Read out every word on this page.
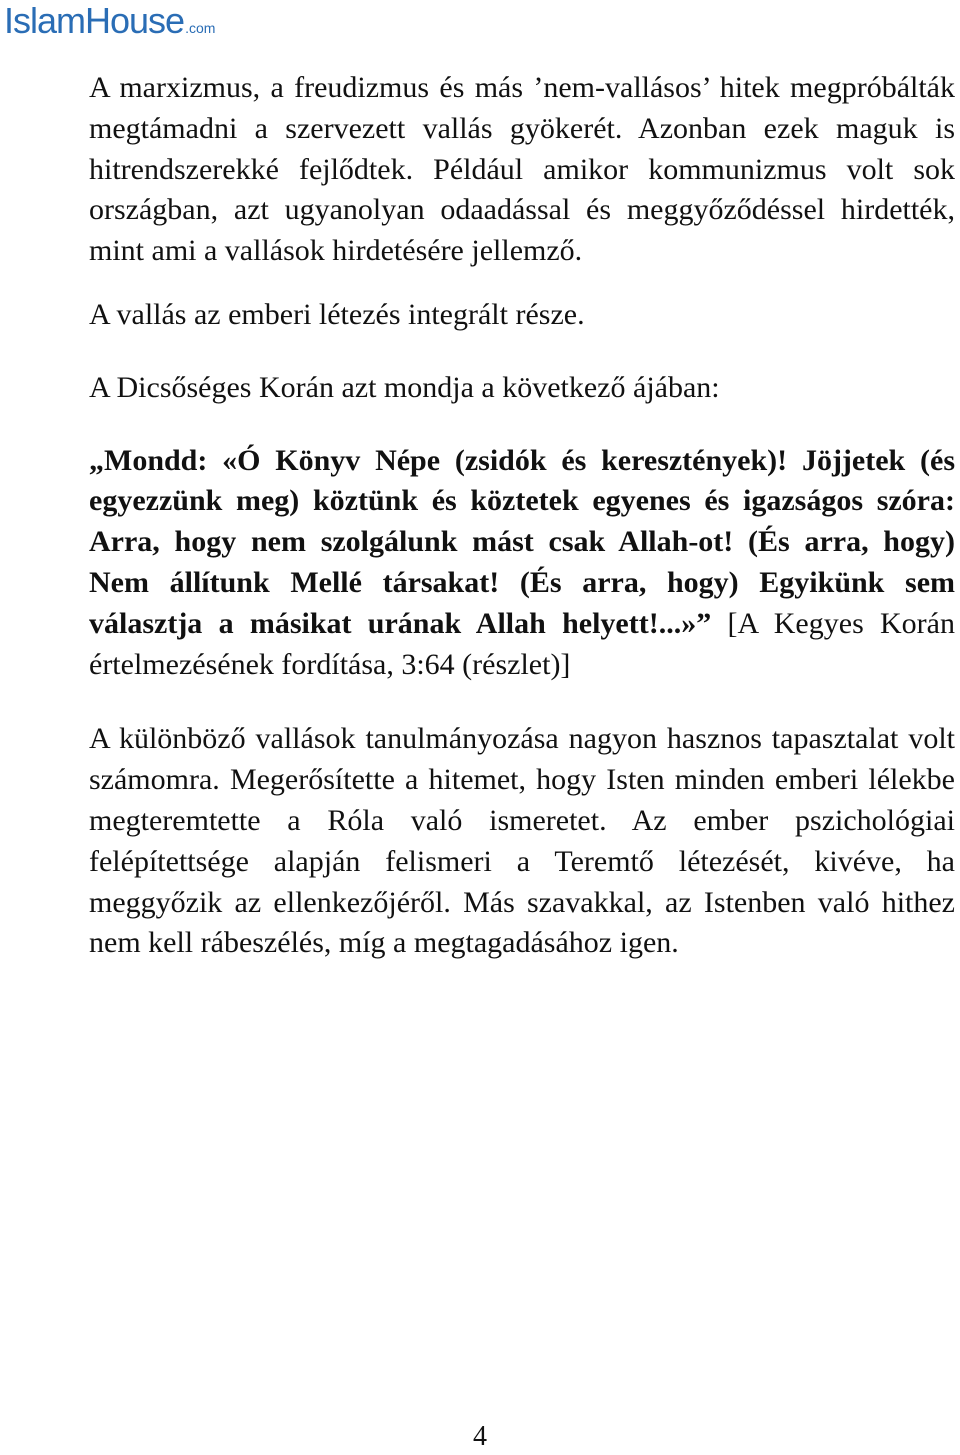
IslamHouse .com

A marxizmus, a freudizmus és más ’nem-vallásos’ hitek megpróbálták megtámadni a szervezett vallás gyökerét. Azonban ezek maguk is hitrendszerekké fejlődtek. Például amikor kommunizmus volt sok országban, azt ugyanolyan odaadással és meggyőződéssel hirdették, mint ami a vallások hirdetésére jellemző.

A vallás az emberi létezés integrált része.

A Dicsőséges Korán azt mondja a következő ájában:

„Mondd: «Ó Könyv Népe (zsidók és keresztények)! Jöjjetek (és egyezzünk meg) köztünk és köztetek egyenes és igazságos szóra: Arra, hogy nem szolgálunk mást csak Allah-ot! (És arra, hogy) Nem állítunk Mellé társakat! (És arra, hogy) Egyikünk sem választja a másikat urának Allah helyett!...»” [A Kegyes Korán értelmezésének fordítása, 3:64 (részlet)]

A különböző vallások tanulmányozása nagyon hasznos tapasztalat volt számomra. Megerősítette a hitemet, hogy Isten minden emberi lélekbe megteremtette a Róla való ismeretet. Az ember pszichológiai felépítettsége alapján felismeri a Teremtő létezését, kivéve, ha meggyőzik az ellenkezőjéről. Más szavakkal, az Istenben való hithez nem kell rábeszélés, míg a megtagadásához igen.

4
